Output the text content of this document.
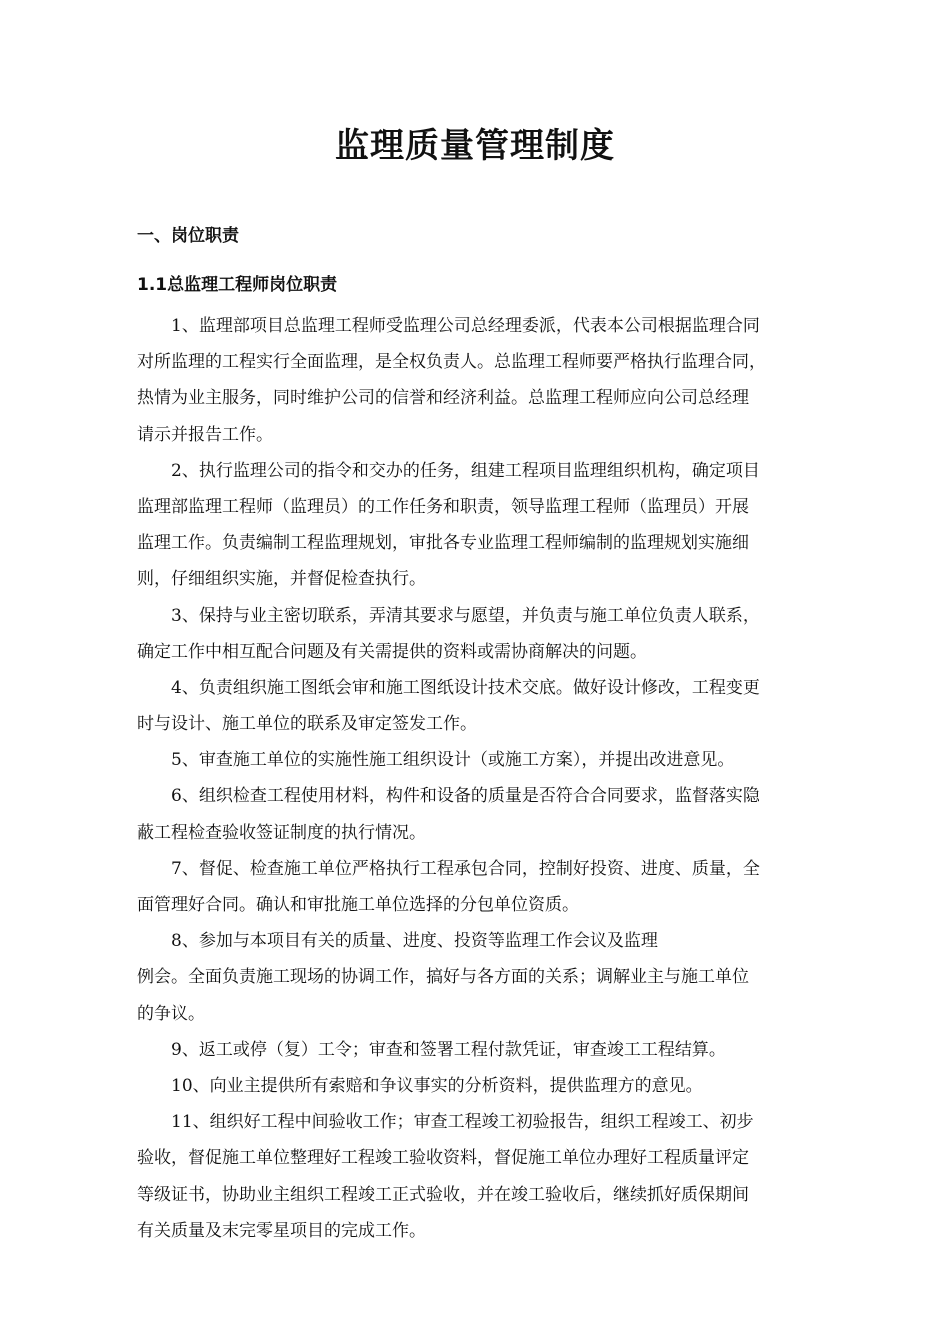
监理质量管理制度
一、岗位职责
1.1总监理工程师岗位职责
1、监理部项目总监理工程师受监理公司总经理委派，代表本公司根据监理合同
对所监理的工程实行全面监理，是全权负责人。总监理工程师要严格执行监理合同，
热情为业主服务，同时维护公司的信誉和经济利益。总监理工程师应向公司总经理
请示并报告工作。
2、执行监理公司的指令和交办的任务，组建工程项目监理组织机构，确定项目
监理部监理工程师（监理员）的工作任务和职责，领导监理工程师（监理员）开展
监理工作。负责编制工程监理规划，审批各专业监理工程师编制的监理规划实施细
则，仔细组织实施，并督促检查执行。
3、保持与业主密切联系，弄清其要求与愿望，并负责与施工单位负责人联系，
确定工作中相互配合问题及有关需提供的资料或需协商解决的问题。
4、负责组织施工图纸会审和施工图纸设计技术交底。做好设计修改，工程变更
时与设计、施工单位的联系及审定签发工作。
5、审查施工单位的实施性施工组织设计（或施工方案），并提出改进意见。
6、组织检查工程使用材料，构件和设备的质量是否符合合同要求，监督落实隐
蔽工程检查验收签证制度的执行情况。
7、督促、检查施工单位严格执行工程承包合同，控制好投资、进度、质量，全
面管理好合同。确认和审批施工单位选择的分包单位资质。
8、参加与本项目有关的质量、进度、投资等监理工作会议及监理
例会。全面负责施工现场的协调工作，搞好与各方面的关系；调解业主与施工单位
的争议。
9、返工或停（复）工令；审查和签署工程付款凭证，审查竣工工程结算。
10、向业主提供所有索赔和争议事实的分析资料，提供监理方的意见。
11、组织好工程中间验收工作；审查工程竣工初验报告，组织工程竣工、初步
验收，督促施工单位整理好工程竣工验收资料，督促施工单位办理好工程质量评定
等级证书，协助业主组织工程竣工正式验收，并在竣工验收后，继续抓好质保期间
有关质量及末完零星项目的完成工作。
